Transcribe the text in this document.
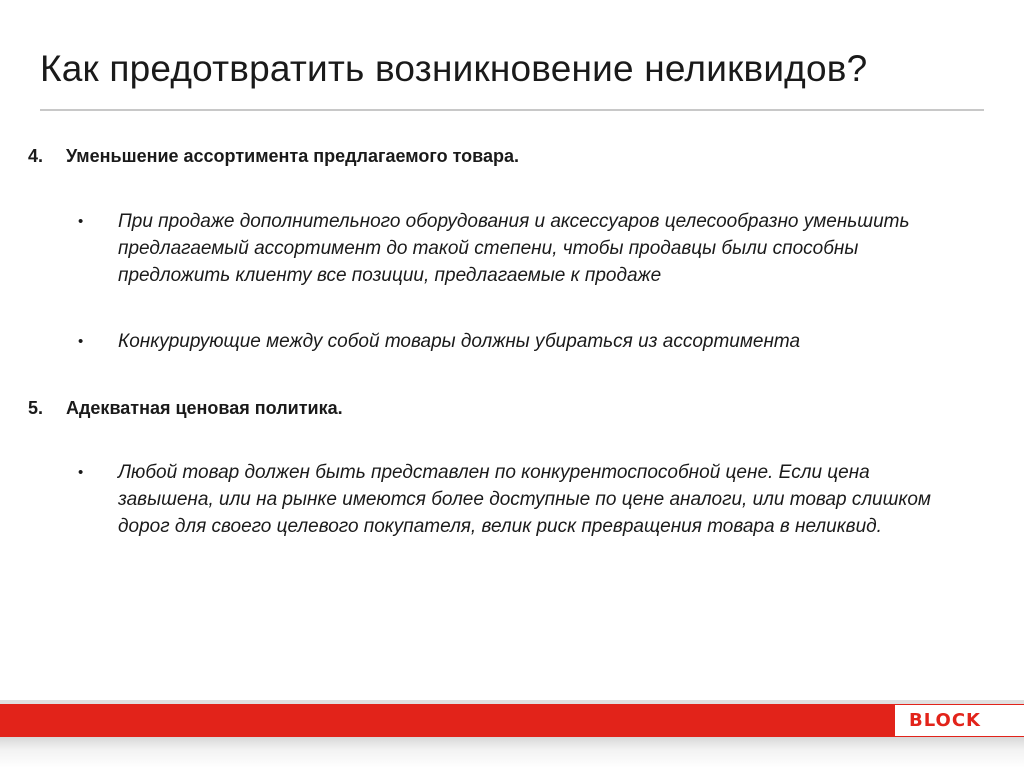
Как предотвратить возникновение неликвидов?
4. Уменьшение ассортимента предлагаемого товара.
• При продаже дополнительного оборудования и аксессуаров целесообразно уменьшить предлагаемый ассортимент до такой степени, чтобы продавцы были способны предложить клиенту все позиции, предлагаемые к продаже
• Конкурирующие между собой товары должны убираться из ассортимента
5. Адекватная ценовая политика.
• Любой товар должен быть представлен по конкурентоспособной цене. Если цена завышена, или на рынке имеются более доступные по цене аналоги, или товар слишком дорог для своего целевого покупателя, велик риск превращения товара в неликвид.
BLOCK
